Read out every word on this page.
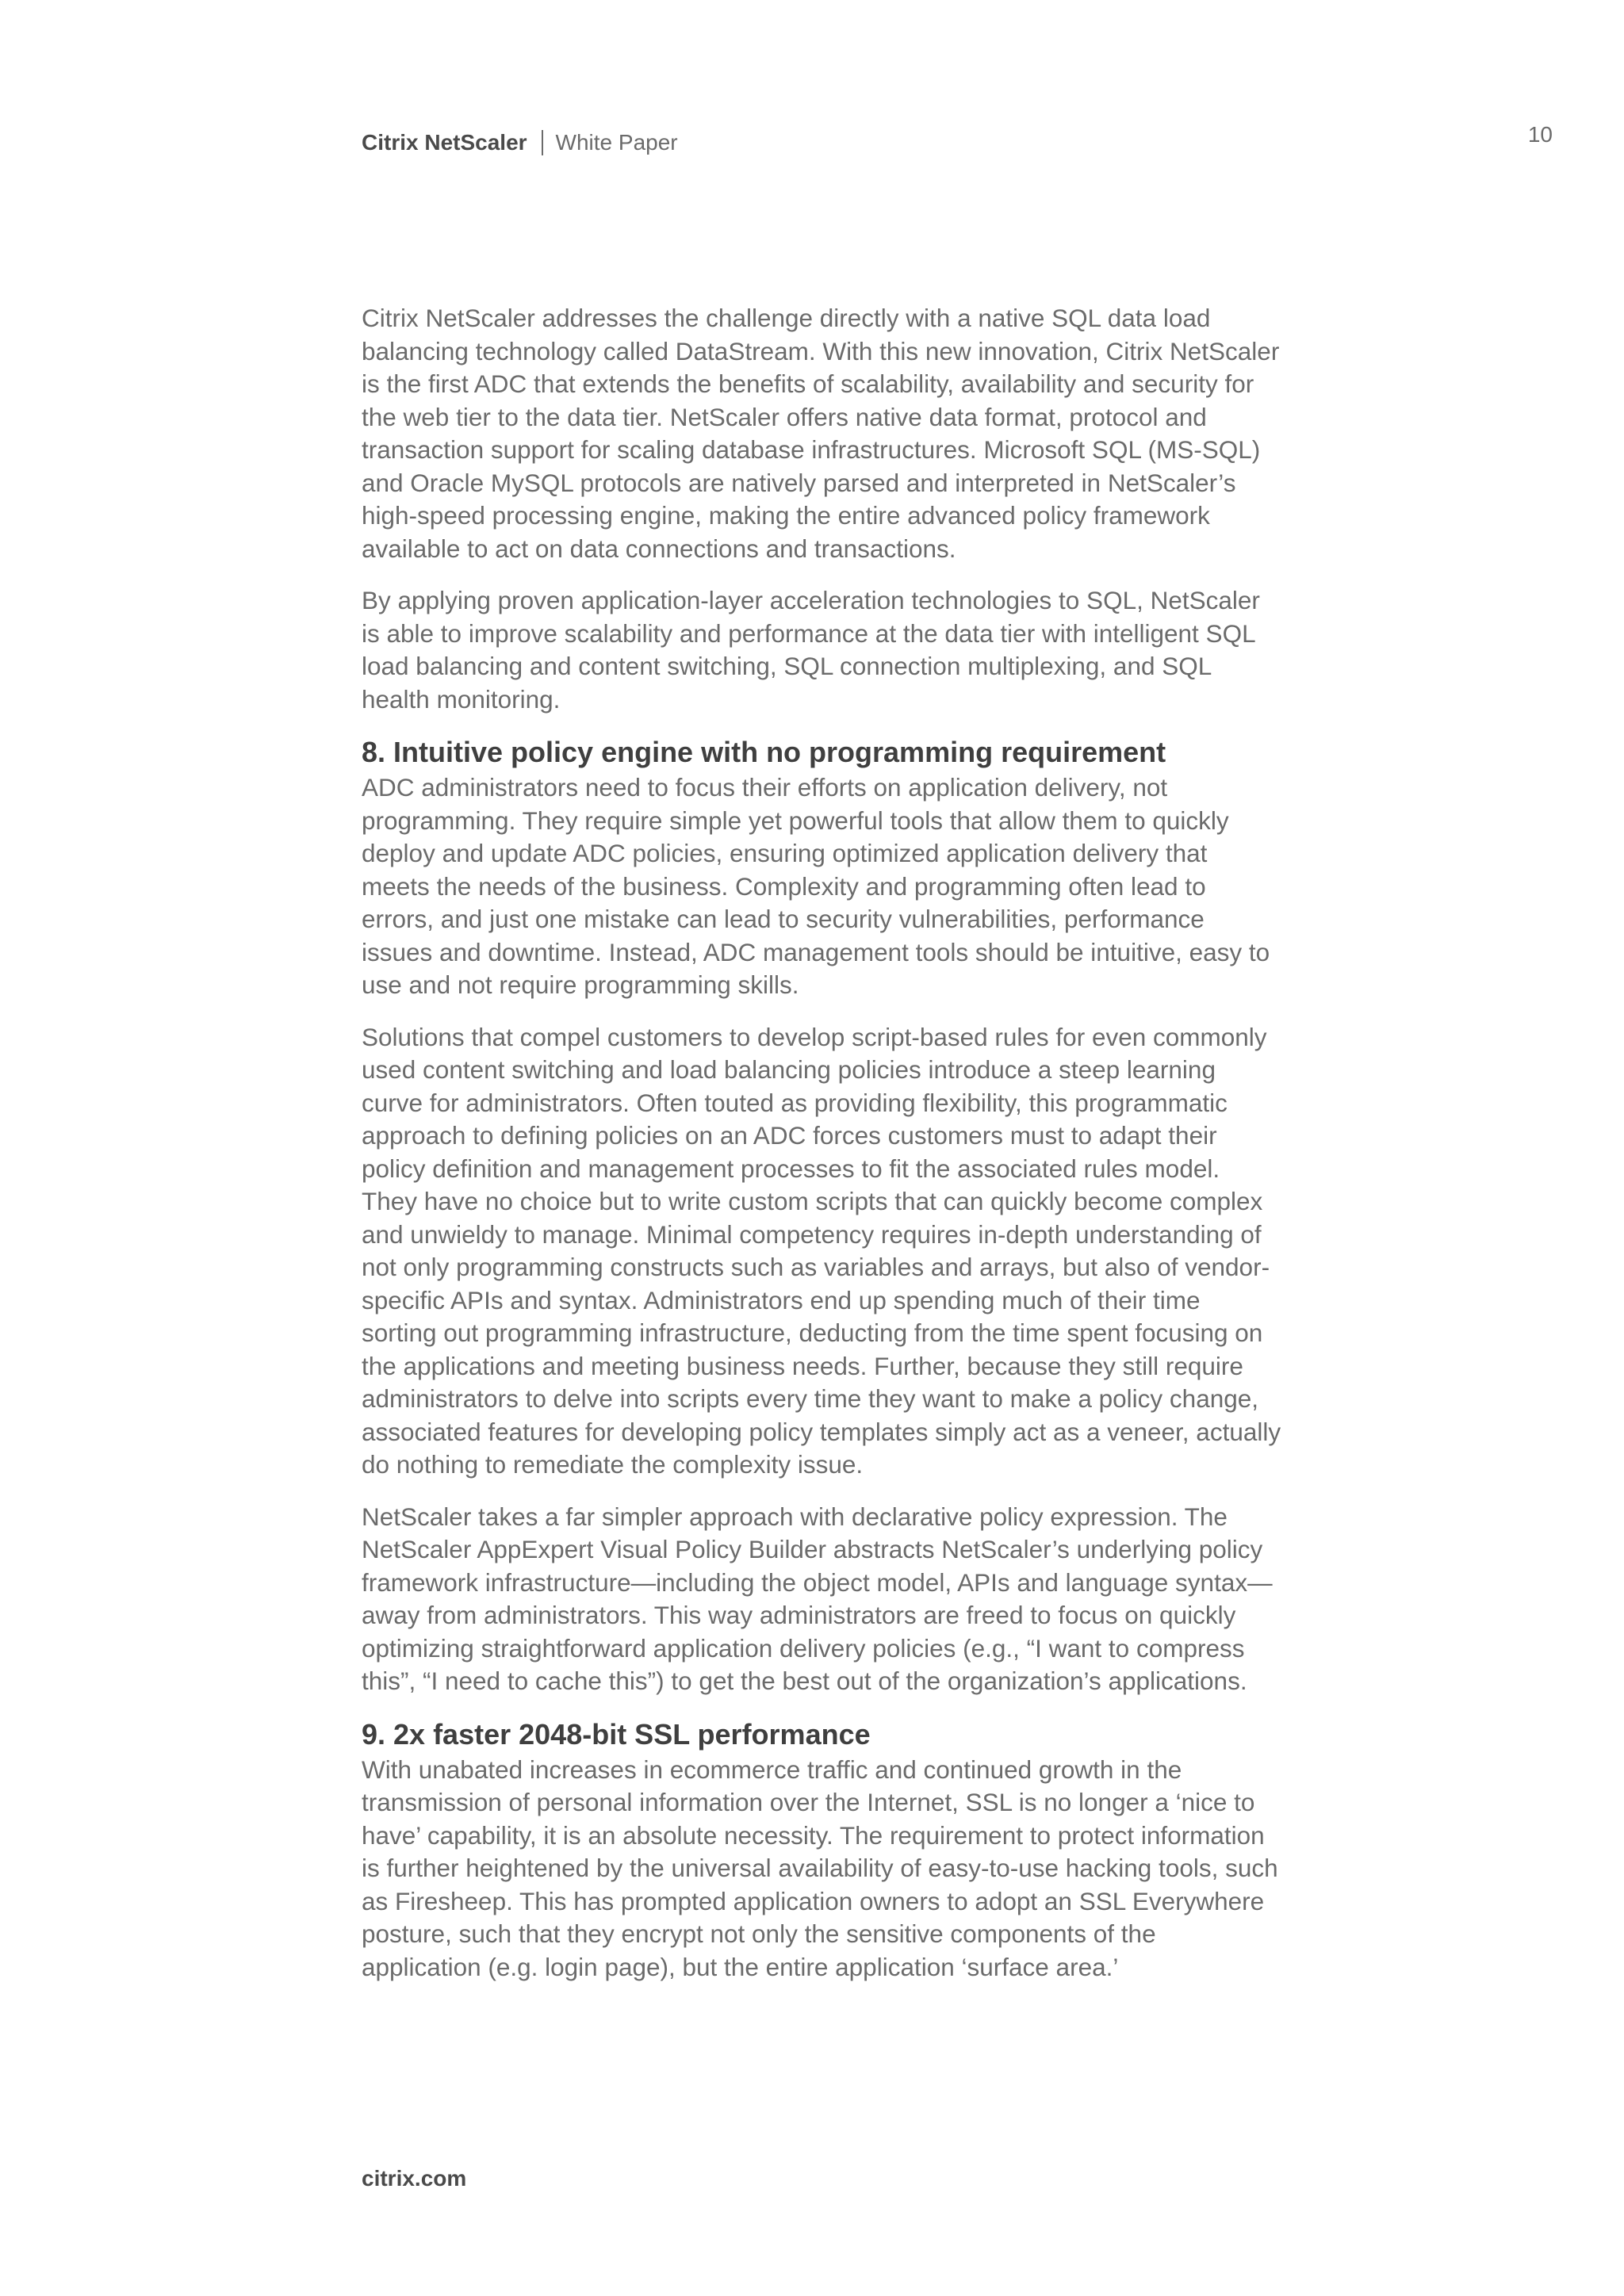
Citrix NetScaler White Paper	10

Citrix NetScaler addresses the challenge directly with a native SQL data load balancing technology called DataStream. With this new innovation, Citrix NetScaler is the first ADC that extends the benefits of scalability, availability and security for the web tier to the data tier. NetScaler offers native data format, protocol and transaction support for scaling database infrastructures. Microsoft SQL (MS-SQL) and Oracle MySQL protocols are natively parsed and interpreted in NetScaler’s high-speed processing engine, making the entire advanced policy framework available to act on data connections and transactions.

By applying proven application-layer acceleration technologies to SQL, NetScaler is able to improve scalability and performance at the data tier with intelligent SQL load balancing and content switching, SQL connection multiplexing, and SQL health monitoring.

8. Intuitive policy engine with no programming requirement

ADC administrators need to focus their efforts on application delivery, not programming. They require simple yet powerful tools that allow them to quickly deploy and update ADC policies, ensuring optimized application delivery that meets the needs of the business. Complexity and programming often lead to errors, and just one mistake can lead to security vulnerabilities, performance issues and downtime. Instead, ADC management tools should be intuitive, easy to use and not require programming skills.

Solutions that compel customers to develop script-based rules for even commonly used content switching and load balancing policies introduce a steep learning curve for administrators. Often touted as providing flexibility, this programmatic approach to defining policies on an ADC forces customers must to adapt their policy definition and management processes to fit the associated rules model. They have no choice but to write custom scripts that can quickly become complex and unwieldy to manage. Minimal competency requires in-depth understanding of not only programming constructs such as variables and arrays, but also of vendor-specific APIs and syntax. Administrators end up spending much of their time sorting out programming infrastructure, deducting from the time spent focusing on the applications and meeting business needs. Further, because they still require administrators to delve into scripts every time they want to make a policy change, associated features for developing policy templates simply act as a veneer, actually do nothing to remediate the complexity issue.

NetScaler takes a far simpler approach with declarative policy expression. The NetScaler AppExpert Visual Policy Builder abstracts NetScaler’s underlying policy framework infrastructure—including the object model, APIs and language syntax—away from administrators. This way administrators are freed to focus on quickly optimizing straightforward application delivery policies (e.g., “I want to compress this”, “I need to cache this”) to get the best out of the organization’s applications.

9. 2x faster 2048-bit SSL performance

With unabated increases in ecommerce traffic and continued growth in the transmission of personal information over the Internet, SSL is no longer a ‘nice to have’ capability, it is an absolute necessity. The requirement to protect information is further heightened by the universal availability of easy-to-use hacking tools, such as Firesheep. This has prompted application owners to adopt an SSL Everywhere posture, such that they encrypt not only the sensitive components of the application (e.g. login page), but the entire application ‘surface area.’

citrix.com
